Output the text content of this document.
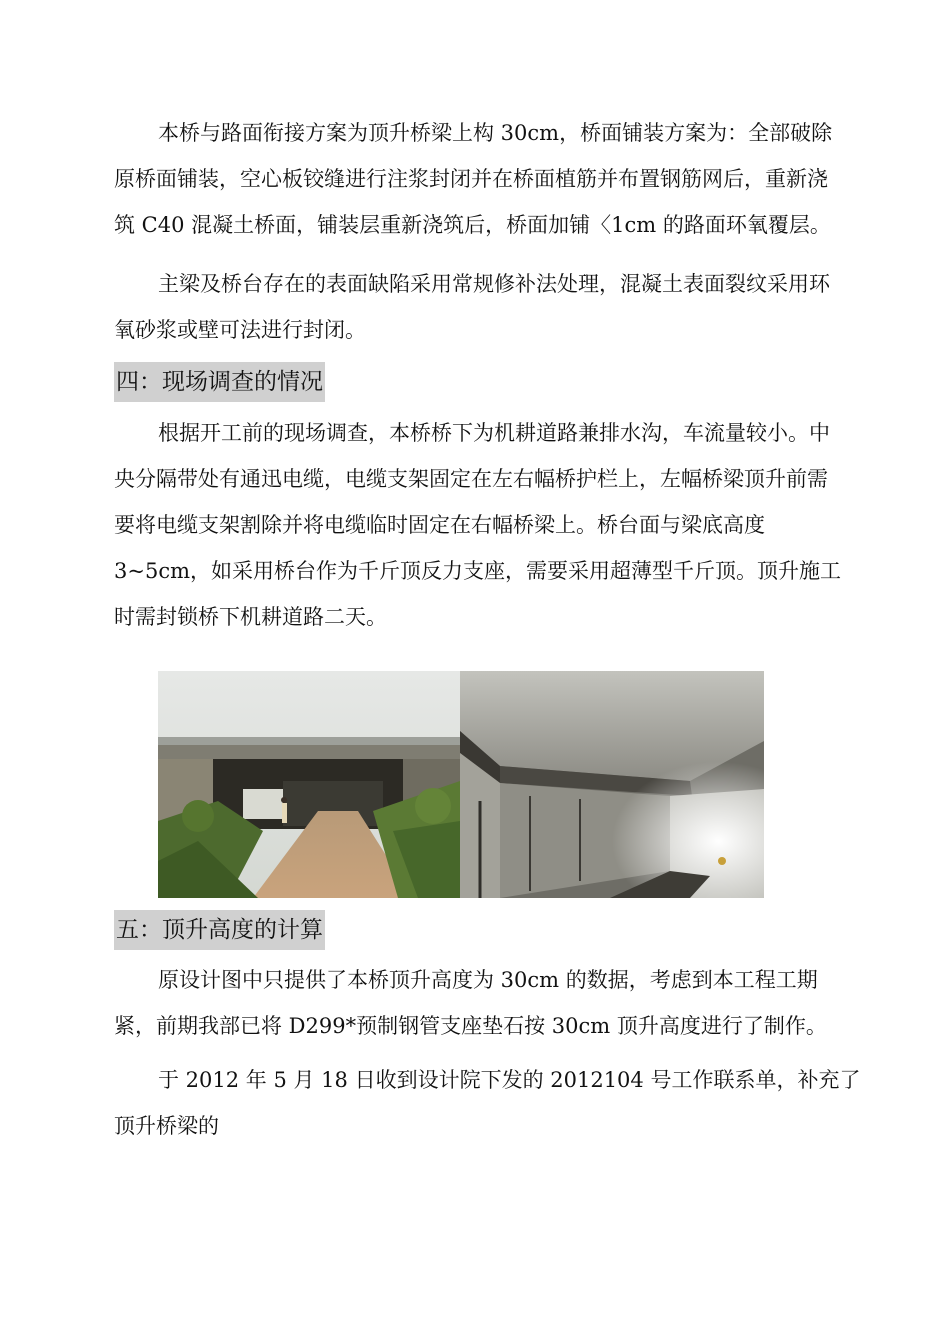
本桥与路面衔接方案为顶升桥梁上构 30cm，桥面铺装方案为：全部破除
原桥面铺装，空心板铰缝进行注浆封闭并在桥面植筋并布置钢筋网后，重新浇
筑 C40 混凝土桥面，铺装层重新浇筑后，桥面加铺〈1cm 的路面环氧覆层。

主梁及桥台存在的表面缺陷采用常规修补法处理，混凝土表面裂纹采用环
氧砂浆或壁可法进行封闭。

四：现场调查的情况

根据开工前的现场调查，本桥桥下为机耕道路兼排水沟，车流量较小。中
央分隔带处有通迅电缆，电缆支架固定在左右幅桥护栏上，左幅桥梁顶升前需
要将电缆支架割除并将电缆临时固定在右幅桥梁上。桥台面与梁底高度
3~5cm，如采用桥台作为千斤顶反力支座，需要采用超薄型千斤顶。顶升施工
时需封锁桥下机耕道路二天。

五：顶升高度的计算

原设计图中只提供了本桥顶升高度为 30cm 的数据，考虑到本工程工期
紧，前期我部已将 D299*预制钢管支座垫石按 30cm 顶升高度进行了制作。

于 2012 年 5 月 18 日收到设计院下发的 2012104 号工作联系单，补充了
顶升桥梁的
